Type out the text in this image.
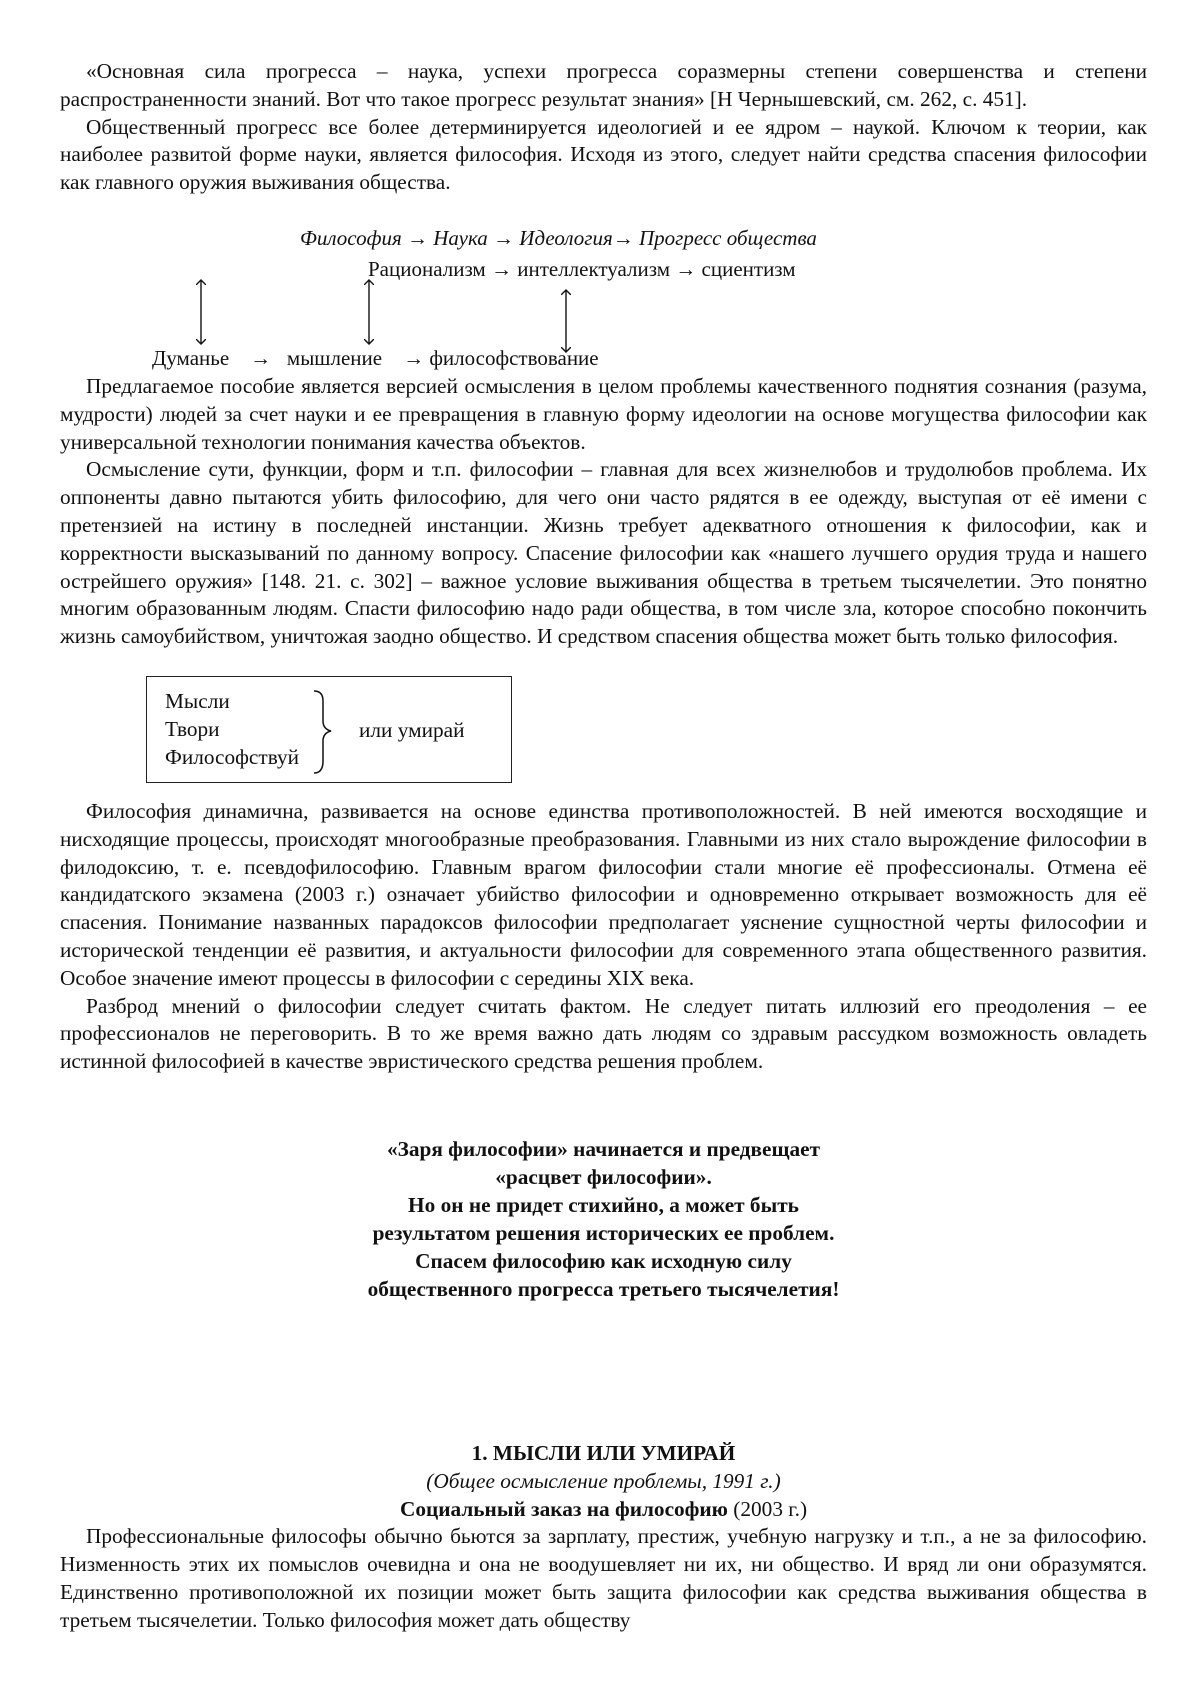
«Основная сила прогресса – наука, успехи прогресса соразмерны степени совершенства и степени распространенности знаний. Вот что такое прогресс результат знания» [Н Чернышевский, см. 262, с. 451].

Общественный прогресс все более детерминируется идеологией и ее ядром – наукой. Ключом к теории, как наиболее развитой форме науки, является философия. Исходя из этого, следует найти средства спасения философии как главного оружия выживания общества.

Философия → Наука → Идеология→ Прогресс общества
Рационализм → интеллектуализм → сциентизм
Думанье    →   мышление    → философствование

Предлагаемое пособие является версией осмысления в целом проблемы качественного поднятия сознания (разума, мудрости) людей за счет науки и ее превращения в главную форму идеологии на основе могущества философии как универсальной технологии понимания качества объектов.

Осмысление сути, функции, форм и т.п. философии – главная для всех жизнелюбов и трудолюбов проблема. Их оппоненты давно пытаются убить философию, для чего они часто рядятся в ее одежду, выступая от её имени с претензией на истину в последней инстанции. Жизнь требует адекватного отношения к философии, как и корректности высказываний по данному вопросу. Спасение философии как «нашего лучшего орудия труда и нашего острейшего оружия» [148. 21. с. 302] – важное условие выживания общества в третьем тысячелетии. Это понятно многим образованным людям. Спасти философию надо ради общества, в том числе зла, которое способно покончить жизнь самоубийством, уничтожая заодно общество. И средством спасения общества может быть только философия.

Мысли
Твори
Философствуй
или умирай

Философия динамична, развивается на основе единства противоположностей. В ней имеются восходящие и нисходящие процессы, происходят многообразные преобразования. Главными из них стало вырождение философии в филодоксию, т. е. псевдофилософию. Главным врагом философии стали многие её профессионалы. Отмена её кандидатского экзамена (2003 г.) означает убийство философии и одновременно открывает возможность для её спасения. Понимание названных парадоксов философии предполагает уяснение сущностной черты философии и исторической тенденции её развития, и актуальности философии для современного этапа общественного развития. Особое значение имеют процессы в философии с середины XIX века.

Разброд мнений о философии следует считать фактом. Не следует питать иллюзий его преодоления – ее профессионалов не переговорить. В то же время важно дать людям со здравым рассудком возможность овладеть истинной философией в качестве эвристического средства решения проблем.

«Заря философии» начинается и предвещает
«расцвет философии».
Но он не придет стихийно, а может быть
результатом решения исторических ее проблем.
Спасем философию как исходную силу
общественного прогресса третьего тысячелетия!
1. МЫСЛИ ИЛИ УМИРАЙ
(Общее осмысление проблемы, 1991 г.)
Социальный заказ на философию (2003 г.)

Профессиональные философы обычно бьются за зарплату, престиж, учебную нагрузку и т.п., а не за философию. Низменность этих их помыслов очевидна и она не воодушевляет ни их, ни общество. И вряд ли они образумятся. Единственно противоположной их позиции может быть защита философии как средства выживания общества в третьем тысячелетии. Только философия может дать обществу
